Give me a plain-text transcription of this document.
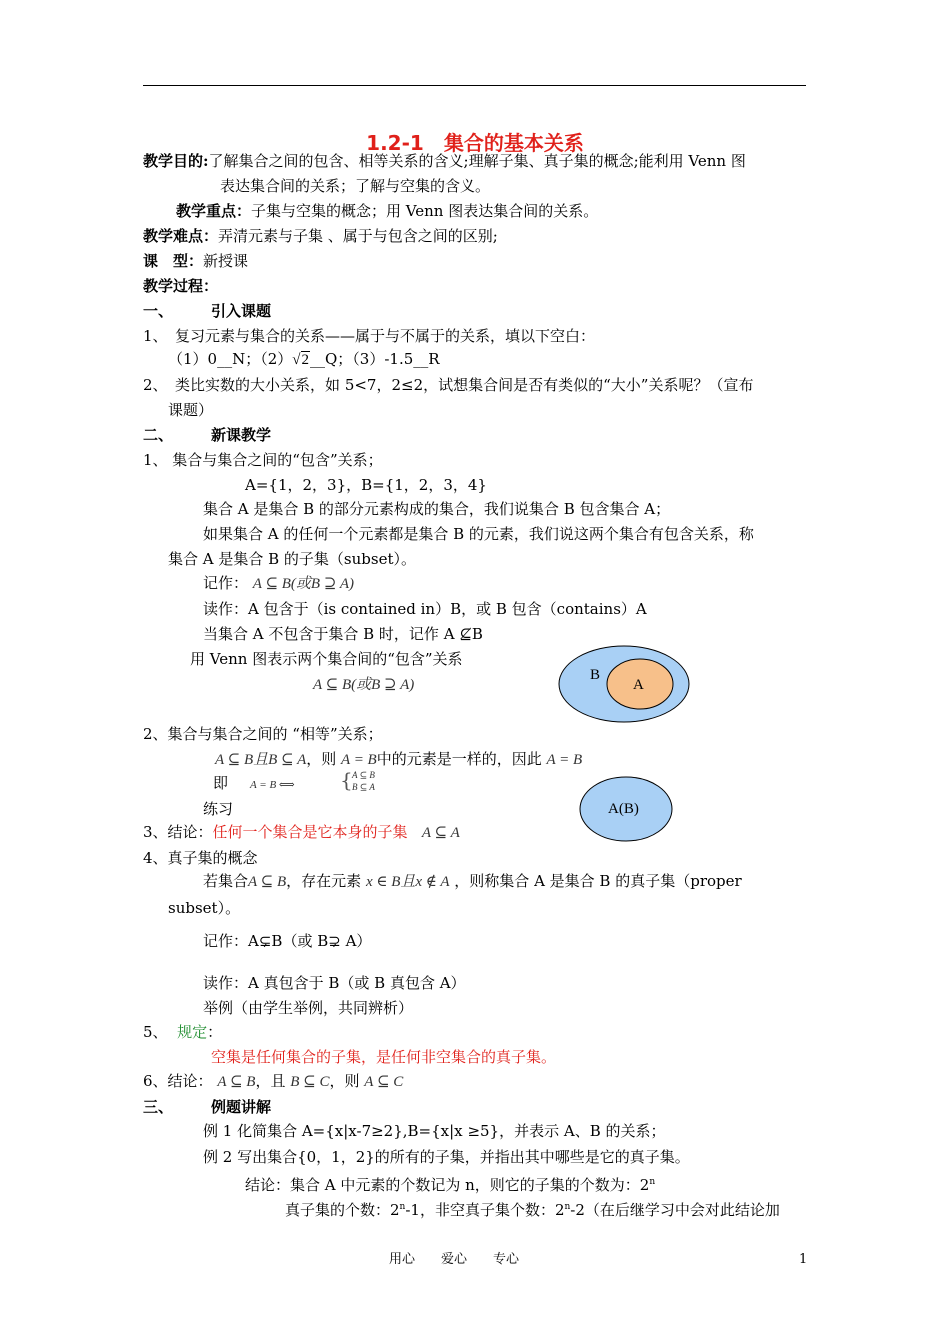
1.2-1　集合的基本关系
教学目的:了解集合之间的包含、相等关系的含义;理解子集、真子集的概念;能利用 Venn 图
表达集合间的关系；了解与空集的含义。
教学重点：子集与空集的概念；用 Venn 图表达集合间的关系。
教学难点：弄清元素与子集 、属于与包含之间的区别;
课　型：新授课
教学过程：
一、	引入课题
1、　复习元素与集合的关系——属于与不属于的关系，填以下空白：
（1）0__N；（2）√2__Q；（3）-1.5__R
2、　类比实数的大小关系，如 5<7，2≤2，试想集合间是否有类似的“大小”关系呢？（宣布
课题）
二、	新课教学
1、 集合与集合之间的“包含”关系；
A={1，2，3}，B={1，2，3，4}
集合 A 是集合 B 的部分元素构成的集合，我们说集合 B 包含集合 A；
如果集合 A 的任何一个元素都是集合 B 的元素，我们说这两个集合有包含关系，称
集合 A 是集合 B 的子集（subset）。
记作： A ⊆ B(或B ⊇ A)
读作：A 包含于（is contained in）B，或 B 包含（contains）A
当集合 A 不包含于集合 B 时，记作 A ⊈B
用 Venn 图表示两个集合间的“包含”关系
A ⊆ B(或B ⊇ A)
B
A
2、集合与集合之间的 “相等”关系；
A ⊆ B且B ⊆ A，则 A = B中的元素是一样的，因此 A = B
即 A = B ⟺ { A ⊆ B
B ⊆ A
练习	A(B)
3、结论：任何一个集合是它本身的子集 A ⊆ A
4、真子集的概念
若集合A ⊆ B，存在元素 x ∈ B且x ∉ A ，则称集合 A 是集合 B 的真子集（proper
subset）。
记作：A⊊B（或 B⊋ A）
读作：A 真包含于 B（或 B 真包含 A）
举例（由学生举例，共同辨析）
5、 规定：
空集是任何集合的子集，是任何非空集合的真子集。
6、结论： A ⊆ B，且 B ⊆ C，则 A ⊆ C
三、	例题讲解
例 1 化简集合 A={x|x-7≥2},B={x|x ≥5}，并表示 A、B 的关系；
例 2 写出集合{0，1，2}的所有的子集，并指出其中哪些是它的真子集。
结论：集合 A 中元素的个数记为 n，则它的子集的个数为：2$^n$
真子集的个数：2$^n$-1，非空真子集个数：2$^n$-2（在后继学习中会对此结论加
用心　　爱心　　专心	1
